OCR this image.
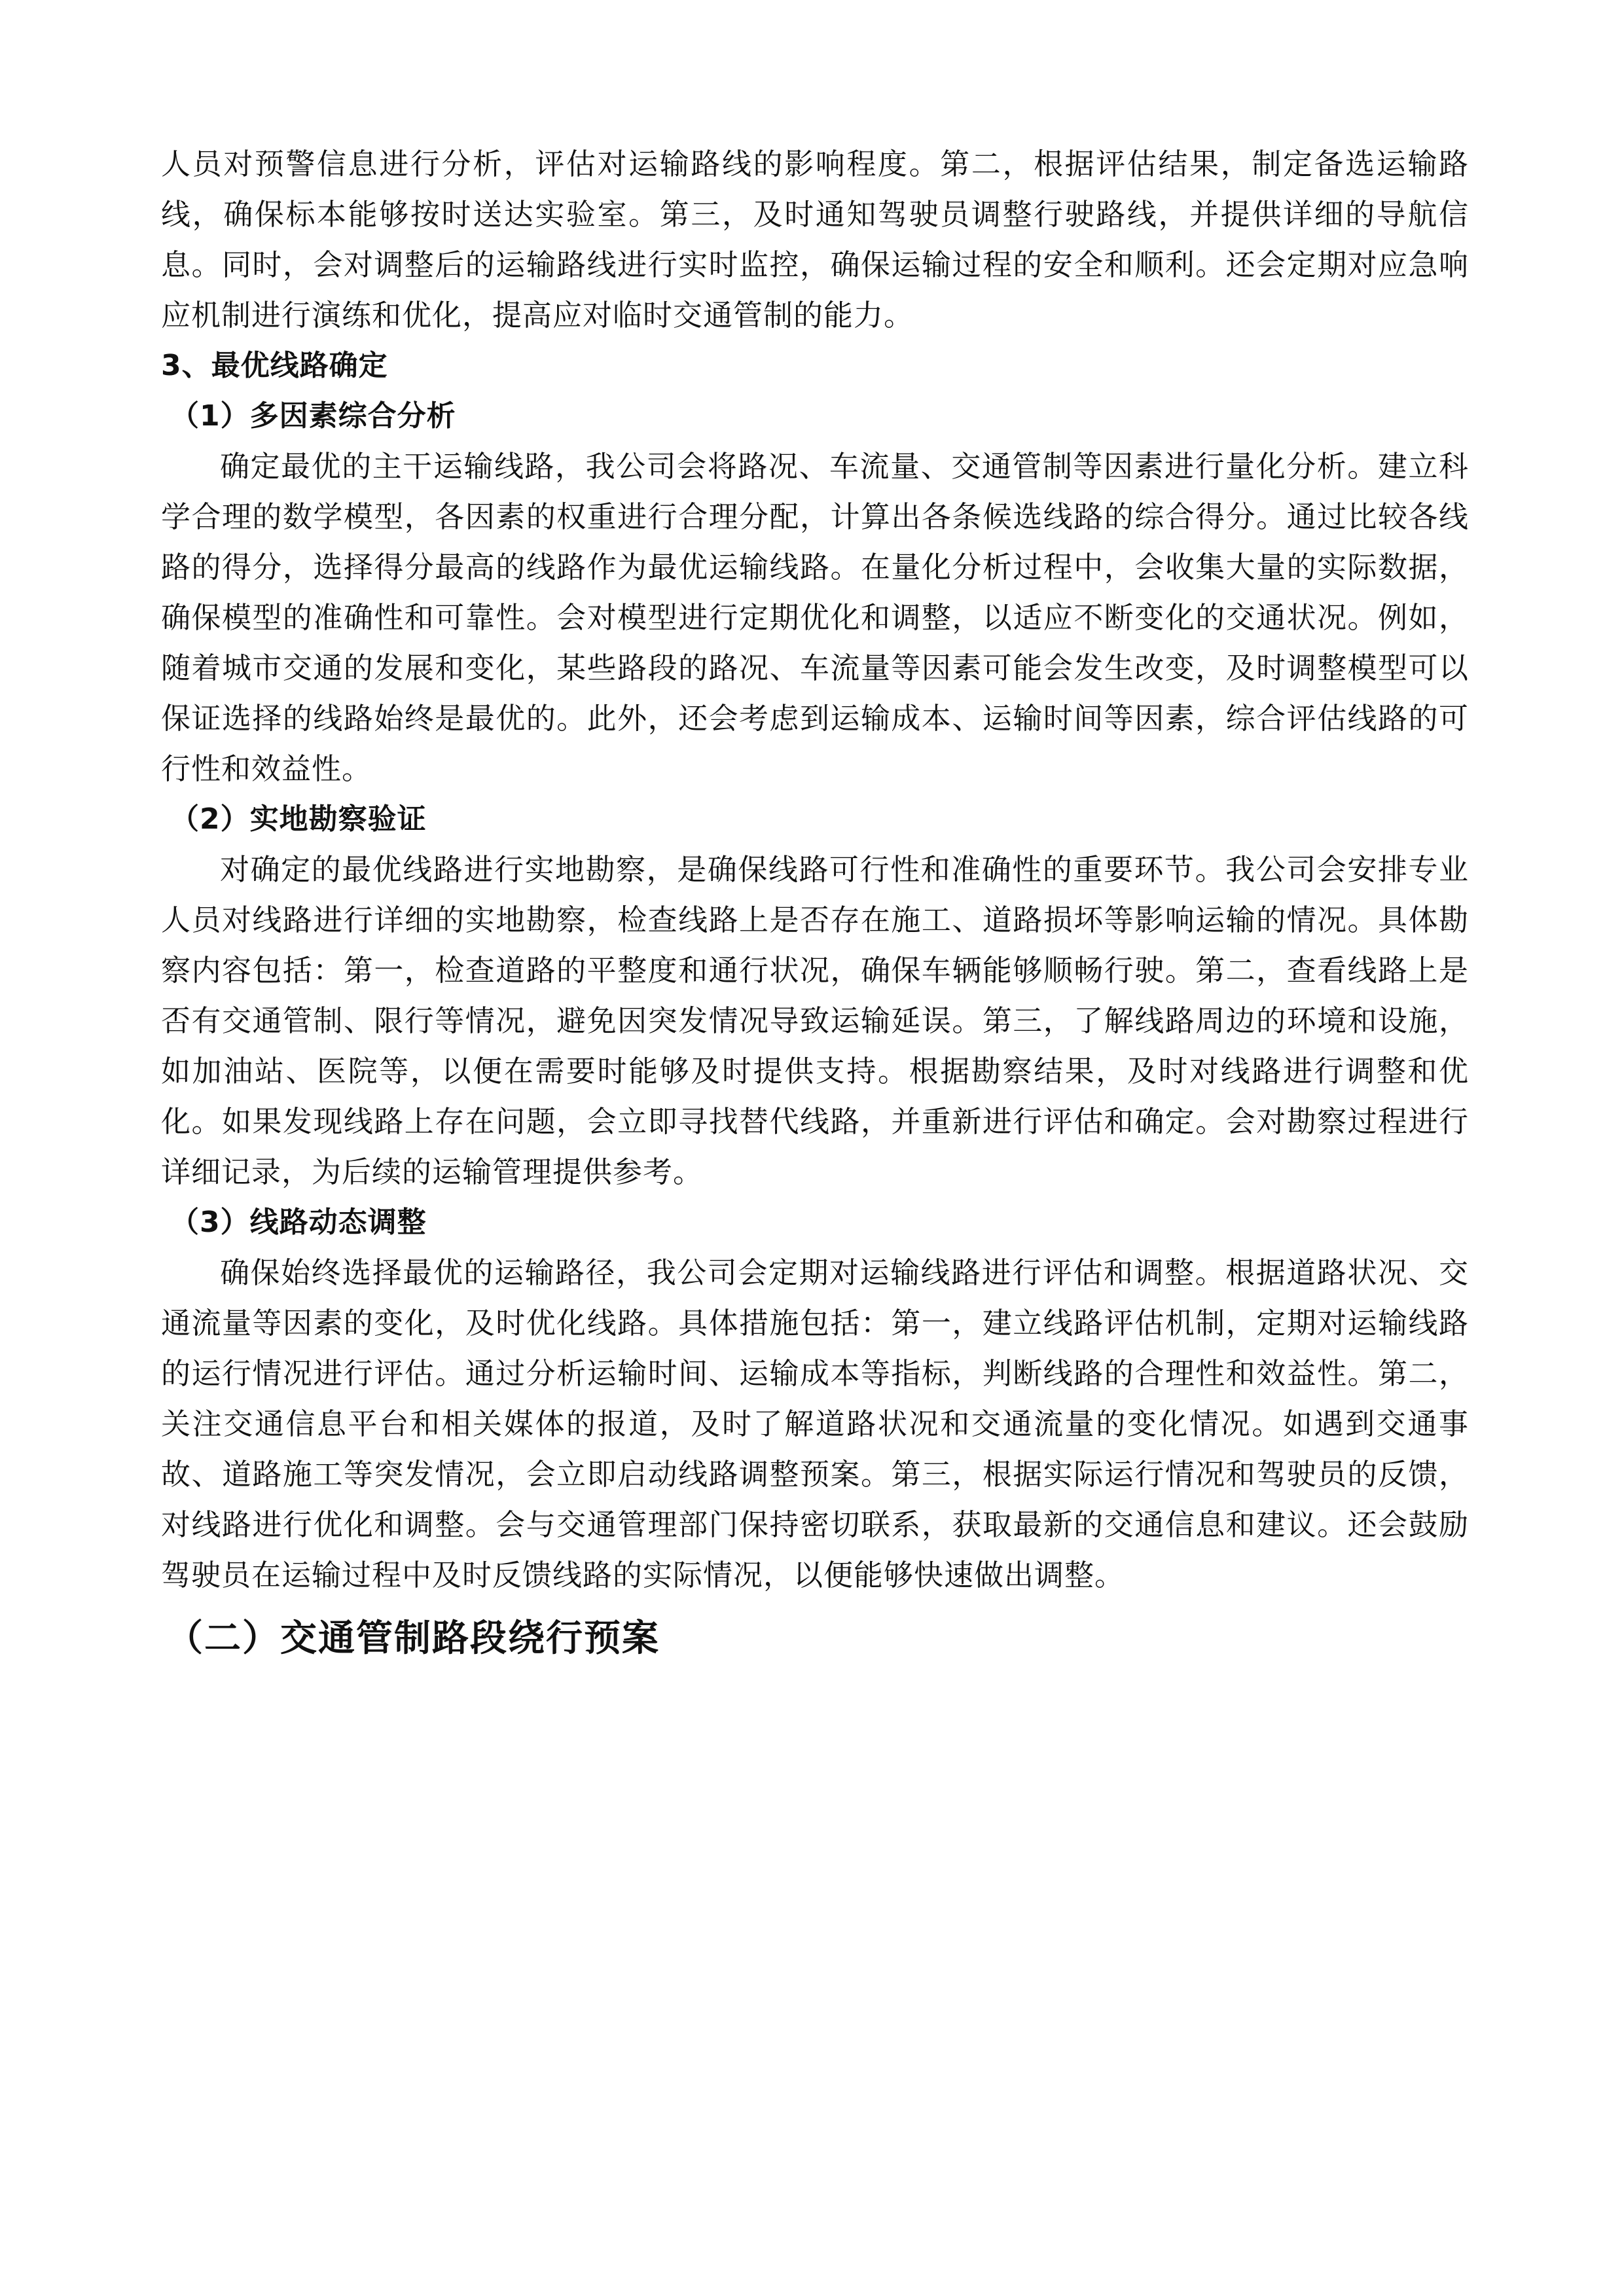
人员对预警信息进行分析，评估对运输路线的影响程度。第二，根据评估结果，制定备选运输路线，确保标本能够按时送达实验室。第三，及时通知驾驶员调整行驶路线，并提供详细的导航信息。同时，会对调整后的运输路线进行实时监控，确保运输过程的安全和顺利。还会定期对应急响应机制进行演练和优化，提高应对临时交通管制的能力。

3、最优线路确定

（1）多因素综合分析

确定最优的主干运输线路，我公司会将路况、车流量、交通管制等因素进行量化分析。建立科学合理的数学模型，各因素的权重进行合理分配，计算出各条候选线路的综合得分。通过比较各线路的得分，选择得分最高的线路作为最优运输线路。在量化分析过程中，会收集大量的实际数据，确保模型的准确性和可靠性。会对模型进行定期优化和调整，以适应不断变化的交通状况。例如，随着城市交通的发展和变化，某些路段的路况、车流量等因素可能会发生改变，及时调整模型可以保证选择的线路始终是最优的。此外，还会考虑到运输成本、运输时间等因素，综合评估线路的可行性和效益性。

（2）实地勘察验证

对确定的最优线路进行实地勘察，是确保线路可行性和准确性的重要环节。我公司会安排专业人员对线路进行详细的实地勘察，检查线路上是否存在施工、道路损坏等影响运输的情况。具体勘察内容包括：第一，检查道路的平整度和通行状况，确保车辆能够顺畅行驶。第二，查看线路上是否有交通管制、限行等情况，避免因突发情况导致运输延误。第三，了解线路周边的环境和设施，如加油站、医院等，以便在需要时能够及时提供支持。根据勘察结果，及时对线路进行调整和优化。如果发现线路上存在问题，会立即寻找替代线路，并重新进行评估和确定。会对勘察过程进行详细记录，为后续的运输管理提供参考。

（3）线路动态调整

确保始终选择最优的运输路径，我公司会定期对运输线路进行评估和调整。根据道路状况、交通流量等因素的变化，及时优化线路。具体措施包括：第一，建立线路评估机制，定期对运输线路的运行情况进行评估。通过分析运输时间、运输成本等指标，判断线路的合理性和效益性。第二，关注交通信息平台和相关媒体的报道，及时了解道路状况和交通流量的变化情况。如遇到交通事故、道路施工等突发情况，会立即启动线路调整预案。第三，根据实际运行情况和驾驶员的反馈，对线路进行优化和调整。会与交通管理部门保持密切联系，获取最新的交通信息和建议。还会鼓励驾驶员在运输过程中及时反馈线路的实际情况，以便能够快速做出调整。

（二）交通管制路段绕行预案
